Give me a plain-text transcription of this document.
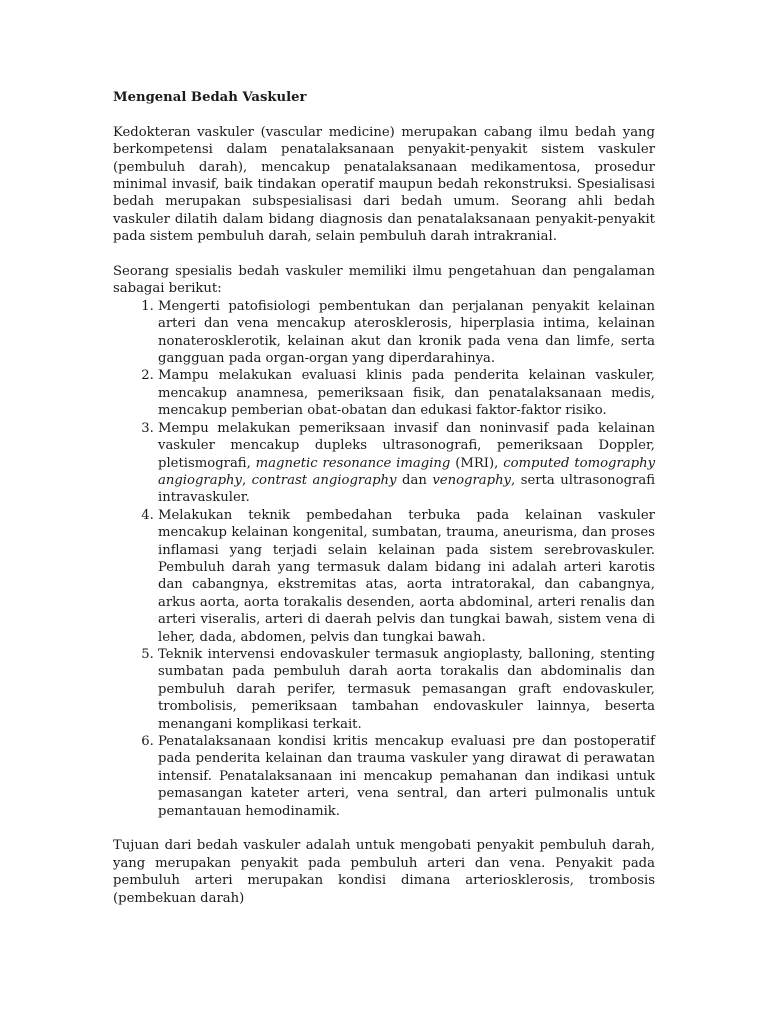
Mengenal Bedah Vaskuler

Kedokteran vaskuler (vascular medicine) merupakan cabang ilmu bedah yang berkompetensi dalam penatalaksanaan penyakit-penyakit sistem vaskuler (pembuluh darah), mencakup penatalaksanaan medikamentosa, prosedur minimal invasif, baik tindakan operatif maupun bedah rekonstruksi. Spesialisasi bedah merupakan subspesialisasi dari bedah umum. Seorang ahli bedah vaskuler dilatih dalam bidang diagnosis dan penatalaksanaan penyakit-penyakit pada sistem pembuluh darah, selain pembuluh darah intrakranial.

Seorang spesialis bedah vaskuler memiliki ilmu pengetahuan dan pengalaman sabagai berikut:

1. Mengerti patofisiologi pembentukan dan perjalanan penyakit kelainan arteri dan vena mencakup aterosklerosis, hiperplasia intima, kelainan nonaterosklerotik, kelainan akut dan kronik pada vena dan limfe, serta gangguan pada organ-organ yang diperdarahinya.
2. Mampu melakukan evaluasi klinis pada penderita kelainan vaskuler, mencakup anamnesa, pemeriksaan fisik, dan penatalaksanaan medis, mencakup pemberian obat-obatan dan edukasi faktor-faktor risiko.
3. Mempu melakukan pemeriksaan invasif dan noninvasif pada kelainan vaskuler mencakup dupleks ultrasonografi, pemeriksaan Doppler, pletismografi, magnetic resonance imaging (MRI), computed tomography angiography, contrast angiography dan venography, serta ultrasonografi intravaskuler.
4. Melakukan teknik pembedahan terbuka pada kelainan vaskuler mencakup kelainan kongenital, sumbatan, trauma, aneurisma, dan proses inflamasi yang terjadi selain kelainan pada sistem serebrovaskuler. Pembuluh darah yang termasuk dalam bidang ini adalah arteri karotis dan cabangnya, ekstremitas atas, aorta intratorakal, dan cabangnya, arkus aorta, aorta torakalis desenden, aorta abdominal, arteri renalis dan arteri viseralis, arteri di daerah pelvis dan tungkai bawah, sistem vena di leher, dada, abdomen, pelvis dan tungkai bawah.
5. Teknik intervensi endovaskuler termasuk angioplasty, balloning, stenting sumbatan pada pembuluh darah aorta torakalis dan abdominalis dan pembuluh darah perifer, termasuk pemasangan graft endovaskuler, trombolisis, pemeriksaan tambahan endovaskuler lainnya, beserta menangani komplikasi terkait.
6. Penatalaksanaan kondisi kritis mencakup evaluasi pre dan postoperatif pada penderita kelainan dan trauma vaskuler yang dirawat di perawatan intensif. Penatalaksanaan ini mencakup pemahanan dan indikasi untuk pemasangan kateter arteri, vena sentral, dan arteri pulmonalis untuk pemantauan hemodinamik.

Tujuan dari bedah vaskuler adalah untuk mengobati penyakit pembuluh darah, yang merupakan penyakit pada pembuluh arteri dan vena. Penyakit pada pembuluh arteri merupakan kondisi dimana arteriosklerosis, trombosis (pembekuan darah)
